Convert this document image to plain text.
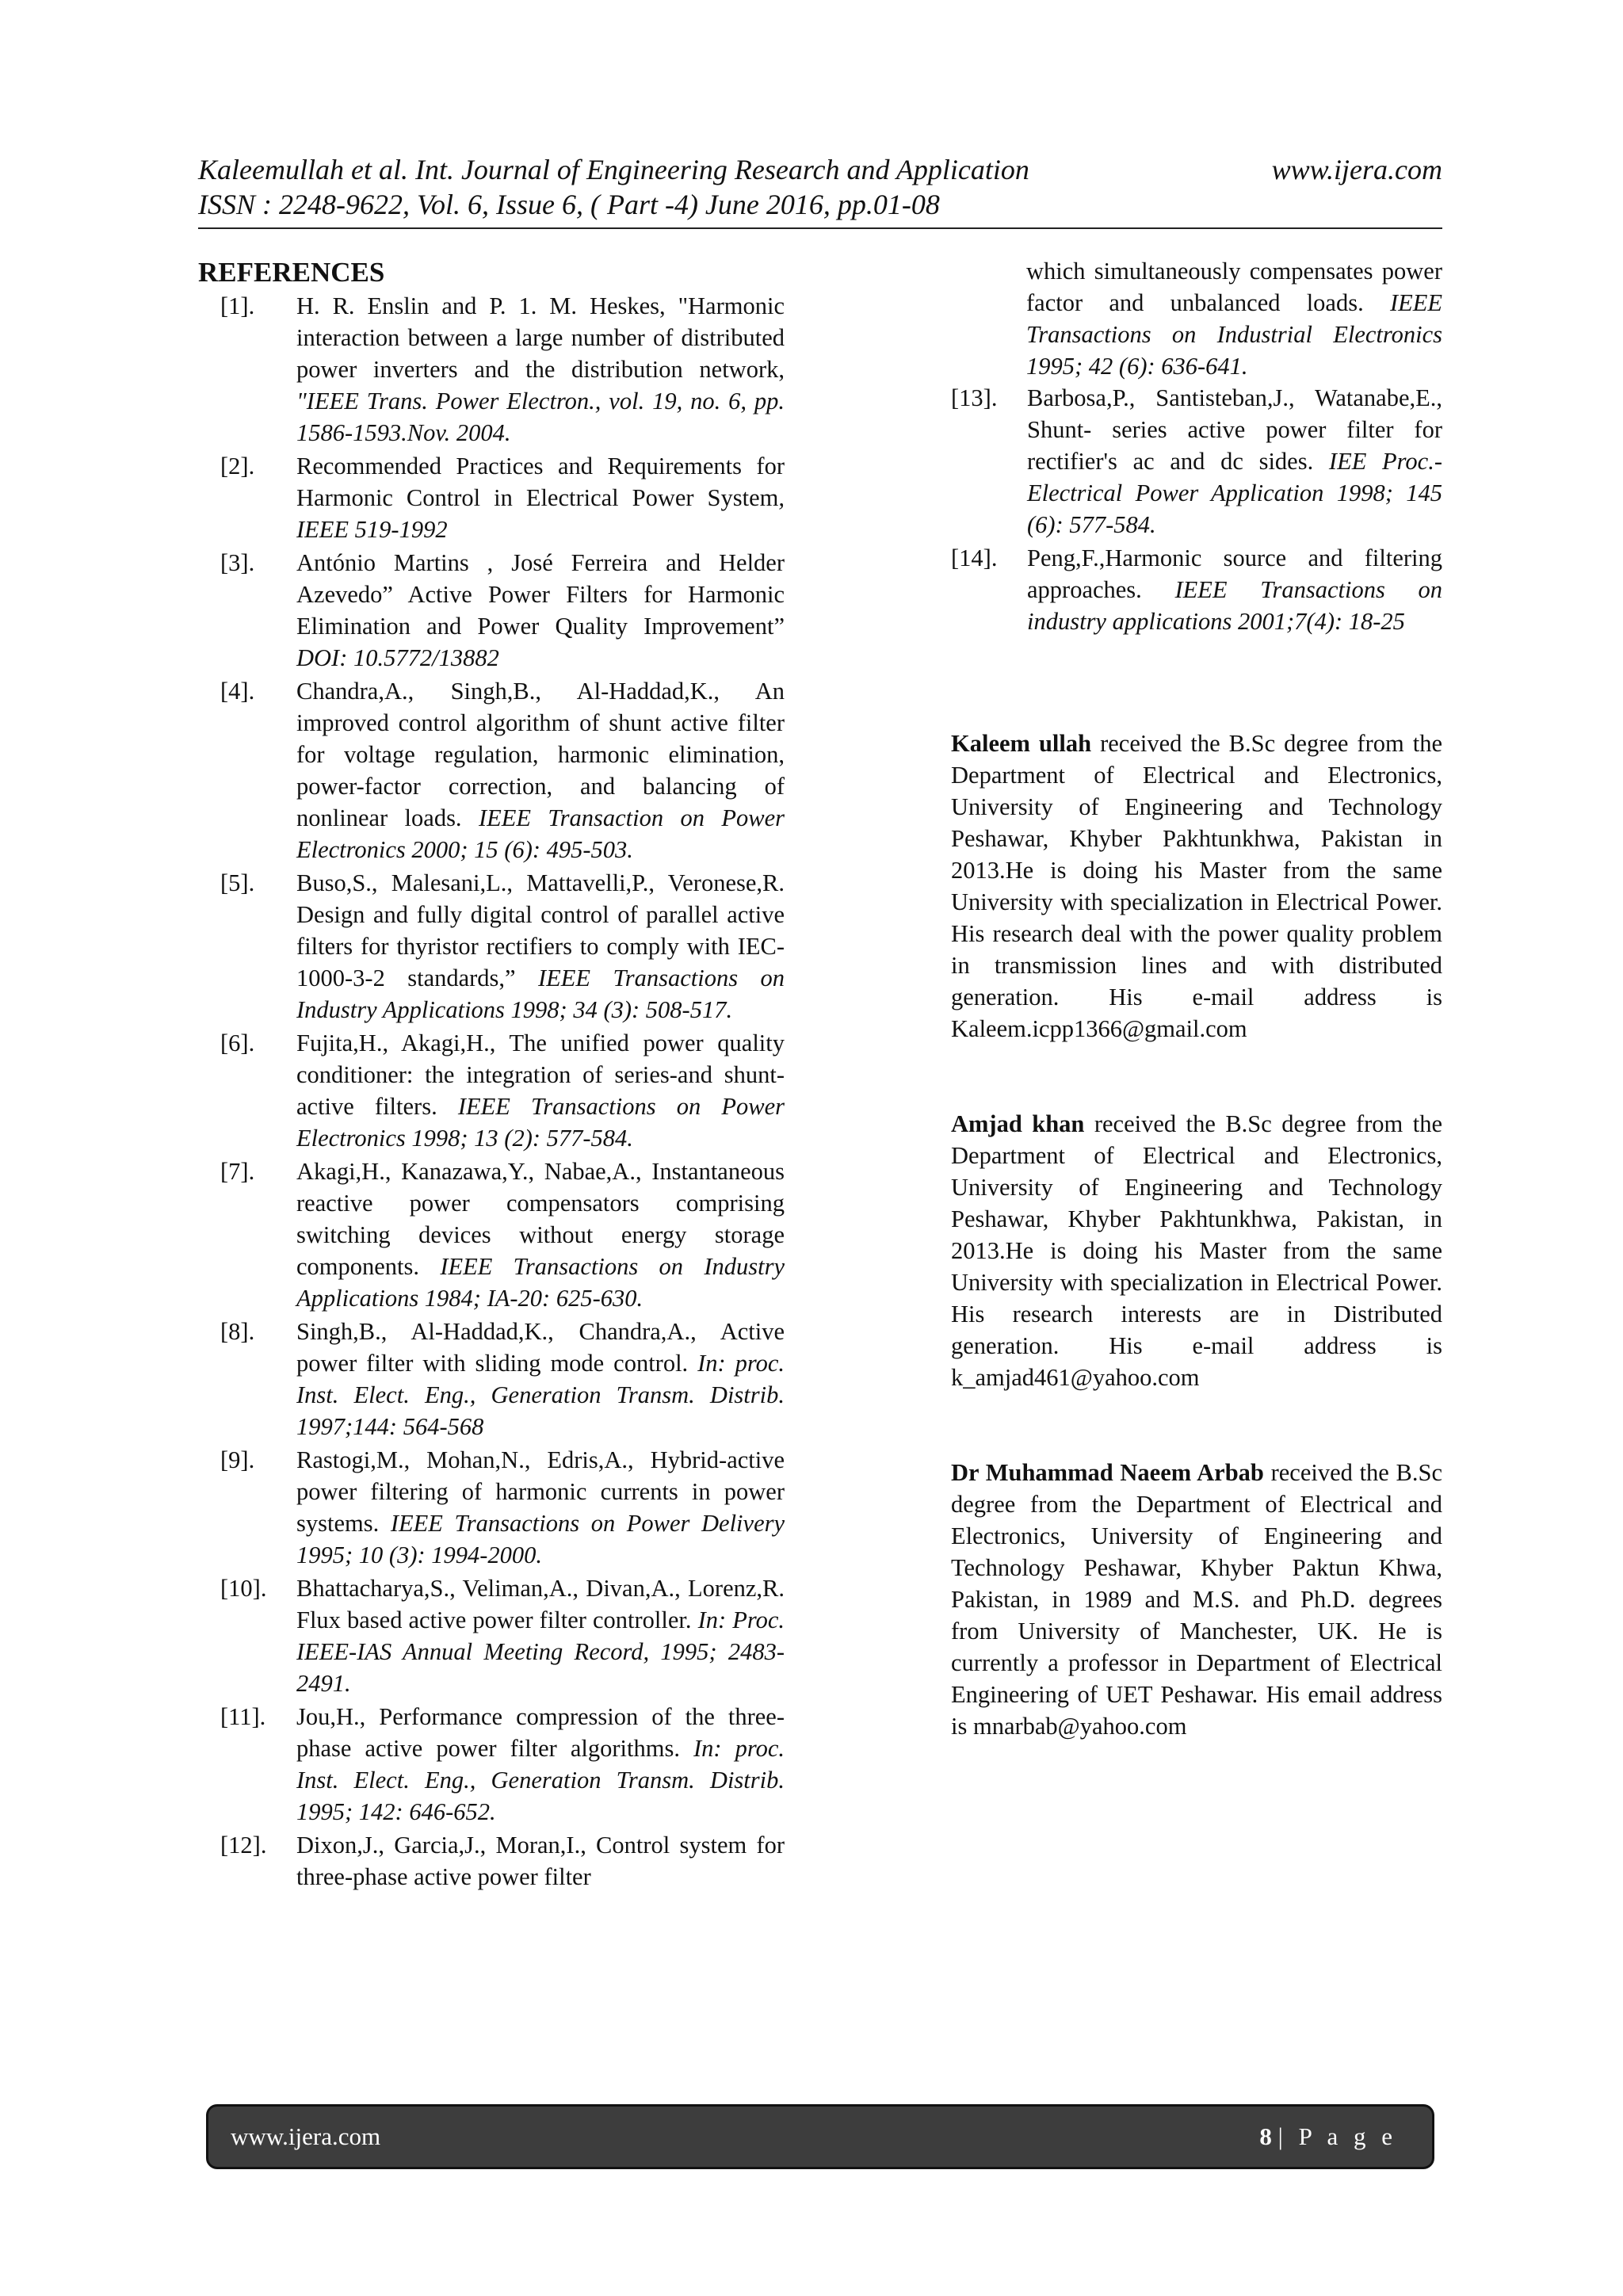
Kaleemullah et al. Int. Journal of Engineering Research and Application	www.ijera.com
ISSN : 2248-9622, Vol. 6, Issue 6, ( Part -4) June 2016, pp.01-08
REFERENCES
[1].	H. R. Enslin and P. 1. M. Heskes, "Harmonic interaction between a large number of distributed power inverters and the distribution network, "IEEE Trans. Power Electron., vol. 19, no. 6, pp. 1586-1593.Nov. 2004.
[2].	Recommended Practices and Requirements for Harmonic Control in Electrical Power System, IEEE 519-1992
[3].	António Martins , José Ferreira and Helder Azevedo” Active Power Filters for Harmonic Elimination and Power Quality Improvement” DOI: 10.5772/13882
[4].	Chandra,A., Singh,B., Al-Haddad,K., An improved control algorithm of shunt active filter for voltage regulation, harmonic elimination, power-factor correction, and balancing of nonlinear loads. IEEE Transaction on Power Electronics 2000; 15 (6): 495-503.
[5].	Buso,S., Malesani,L., Mattavelli,P., Veronese,R. Design and fully digital control of parallel active filters for thyristor rectifiers to comply with IEC-1000-3-2 standards,” IEEE Transactions on Industry Applications 1998; 34 (3): 508-517.
[6].	Fujita,H., Akagi,H., The unified power quality conditioner: the integration of series-and shunt-active filters. IEEE Transactions on Power Electronics 1998; 13 (2): 577-584.
[7].	Akagi,H., Kanazawa,Y., Nabae,A., Instantaneous reactive power compensators comprising switching devices without energy storage components. IEEE Transactions on Industry Applications 1984; IA-20: 625-630.
[8].	Singh,B., Al-Haddad,K., Chandra,A., Active power filter with sliding mode control. In: proc. Inst. Elect. Eng., Generation Transm. Distrib. 1997;144: 564-568
[9].	Rastogi,M., Mohan,N., Edris,A., Hybrid-active power filtering of harmonic currents in power systems. IEEE Transactions on Power Delivery 1995; 10 (3): 1994-2000.
[10].	Bhattacharya,S., Veliman,A., Divan,A., Lorenz,R. Flux based active power filter controller. In: Proc. IEEE-IAS Annual Meeting Record, 1995; 2483-2491.
[11].	Jou,H., Performance compression of the three- phase active power filter algorithms. In: proc. Inst. Elect. Eng., Generation Transm. Distrib. 1995; 142: 646-652.
[12].	Dixon,J., Garcia,J., Moran,I., Control system for three-phase active power filter
which simultaneously compensates power factor and unbalanced loads. IEEE Transactions on Industrial Electronics 1995; 42 (6): 636-641.
[13].	Barbosa,P., Santisteban,J., Watanabe,E., Shunt- series active power filter for rectifier's ac and dc sides. IEE Proc.-Electrical Power Application 1998; 145 (6): 577-584.
[14].	Peng,F.,Harmonic source and filtering approaches. IEEE Transactions on industry applications 2001;7(4): 18-25

Kaleem ullah received the B.Sc degree from the Department of Electrical and Electronics, University of Engineering and Technology Peshawar, Khyber Pakhtunkhwa, Pakistan in 2013.He is doing his Master from the same University with specialization in Electrical Power. His research deal with the power quality problem in transmission lines and with distributed generation. His e-mail address is Kaleem.icpp1366@gmail.com

Amjad khan received the B.Sc degree from the Department of Electrical and Electronics, University of Engineering and Technology Peshawar, Khyber Pakhtunkhwa, Pakistan, in 2013.He is doing his Master from the same University with specialization in Electrical Power. His research interests are in Distributed generation. His e-mail address is k_amjad461@yahoo.com

Dr Muhammad Naeem Arbab received the B.Sc degree from the Department of Electrical and Electronics, University of Engineering and Technology Peshawar, Khyber Paktun Khwa, Pakistan, in 1989 and M.S. and Ph.D. degrees from University of Manchester, UK. He is currently a professor in Department of Electrical Engineering of UET Peshawar. His email address is mnarbab@yahoo.com

www.ijera.com	8 | P a g e
